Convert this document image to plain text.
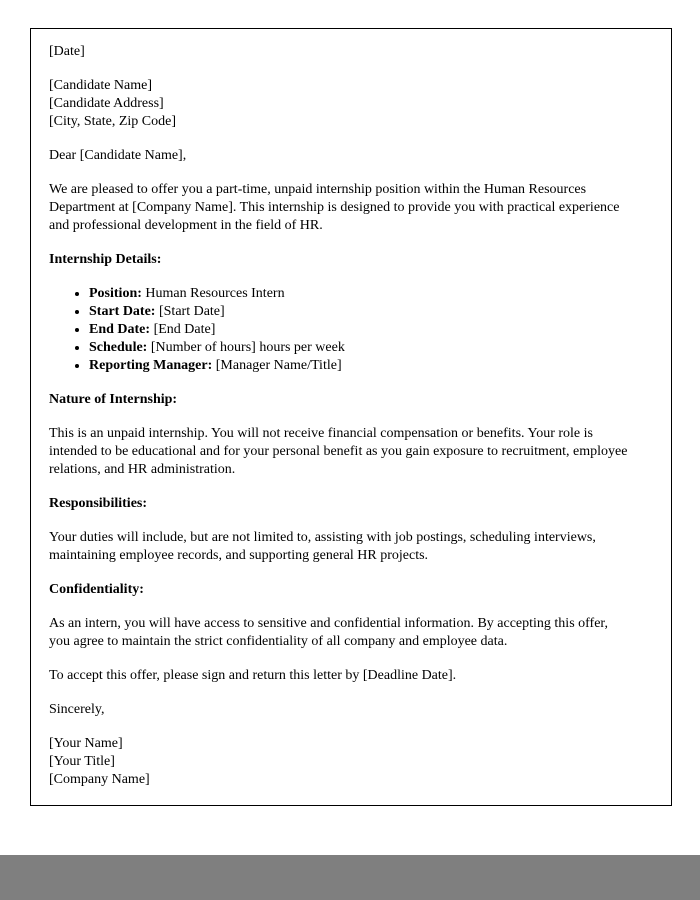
[Date]

[Candidate Name]
[Candidate Address]
[City, State, Zip Code]

Dear [Candidate Name],

We are pleased to offer you a part-time, unpaid internship position within the Human Resources Department at [Company Name]. This internship is designed to provide you with practical experience and professional development in the field of HR.

Internship Details:

• Position: Human Resources Intern
• Start Date: [Start Date]
• End Date: [End Date]
• Schedule: [Number of hours] hours per week
• Reporting Manager: [Manager Name/Title]

Nature of Internship:

This is an unpaid internship. You will not receive financial compensation or benefits. Your role is intended to be educational and for your personal benefit as you gain exposure to recruitment, employee relations, and HR administration.

Responsibilities:

Your duties will include, but are not limited to, assisting with job postings, scheduling interviews, maintaining employee records, and supporting general HR projects.

Confidentiality:

As an intern, you will have access to sensitive and confidential information. By accepting this offer, you agree to maintain the strict confidentiality of all company and employee data.

To accept this offer, please sign and return this letter by [Deadline Date].

Sincerely,

[Your Name]
[Your Title]
[Company Name]
